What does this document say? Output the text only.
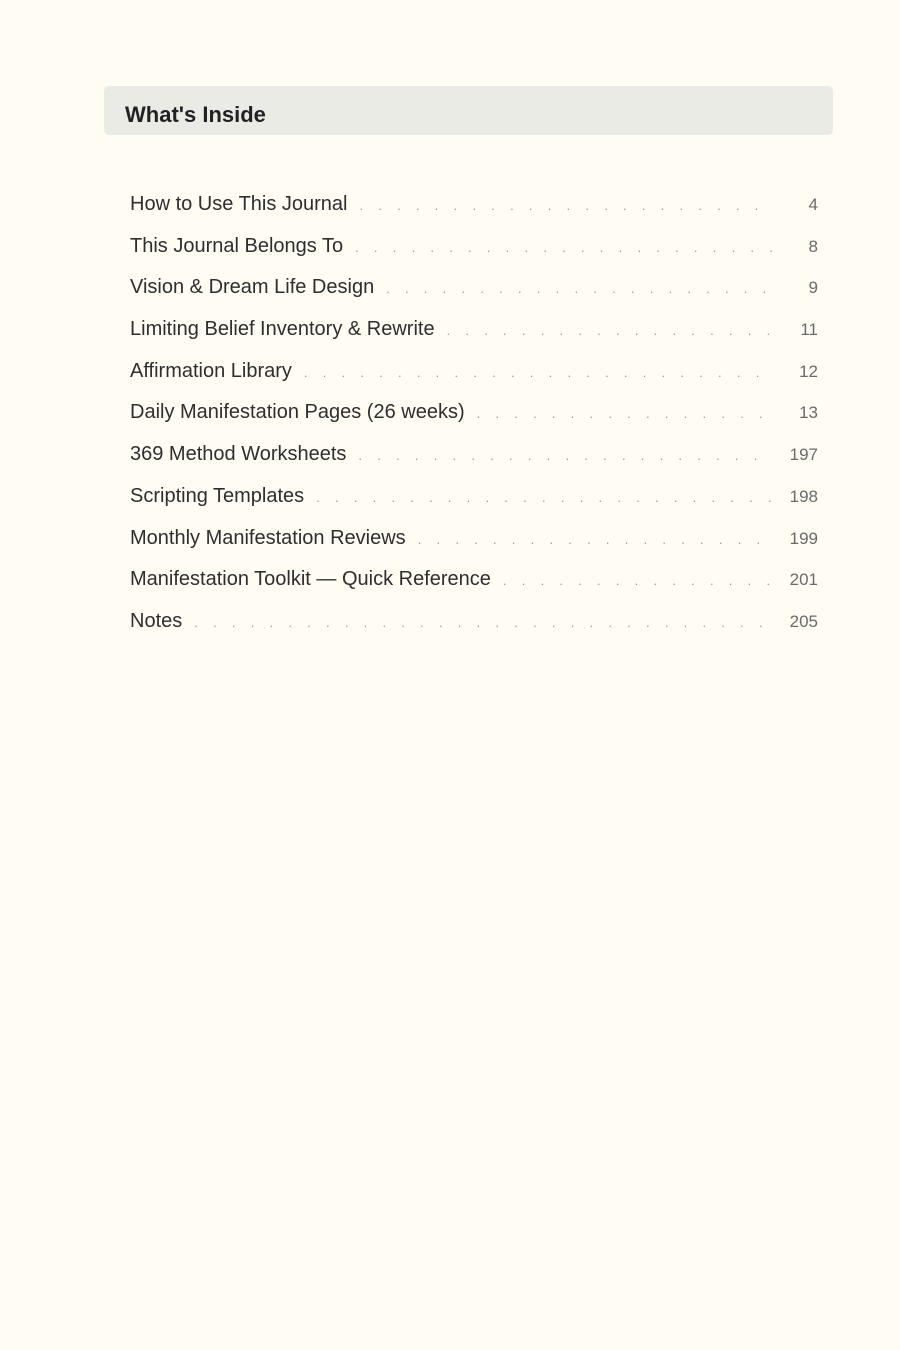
What's Inside
How to Use This Journal . . .	4
This Journal Belongs To . . .	8
Vision & Dream Life Design . . .	9
Limiting Belief Inventory & Rewrite . . .	11
Affirmation Library . . .	12
Daily Manifestation Pages (26 weeks) . . .	13
369 Method Worksheets . . .	197
Scripting Templates . . .	198
Monthly Manifestation Reviews . . .	199
Manifestation Toolkit — Quick Reference . . .	201
Notes . . .	205
